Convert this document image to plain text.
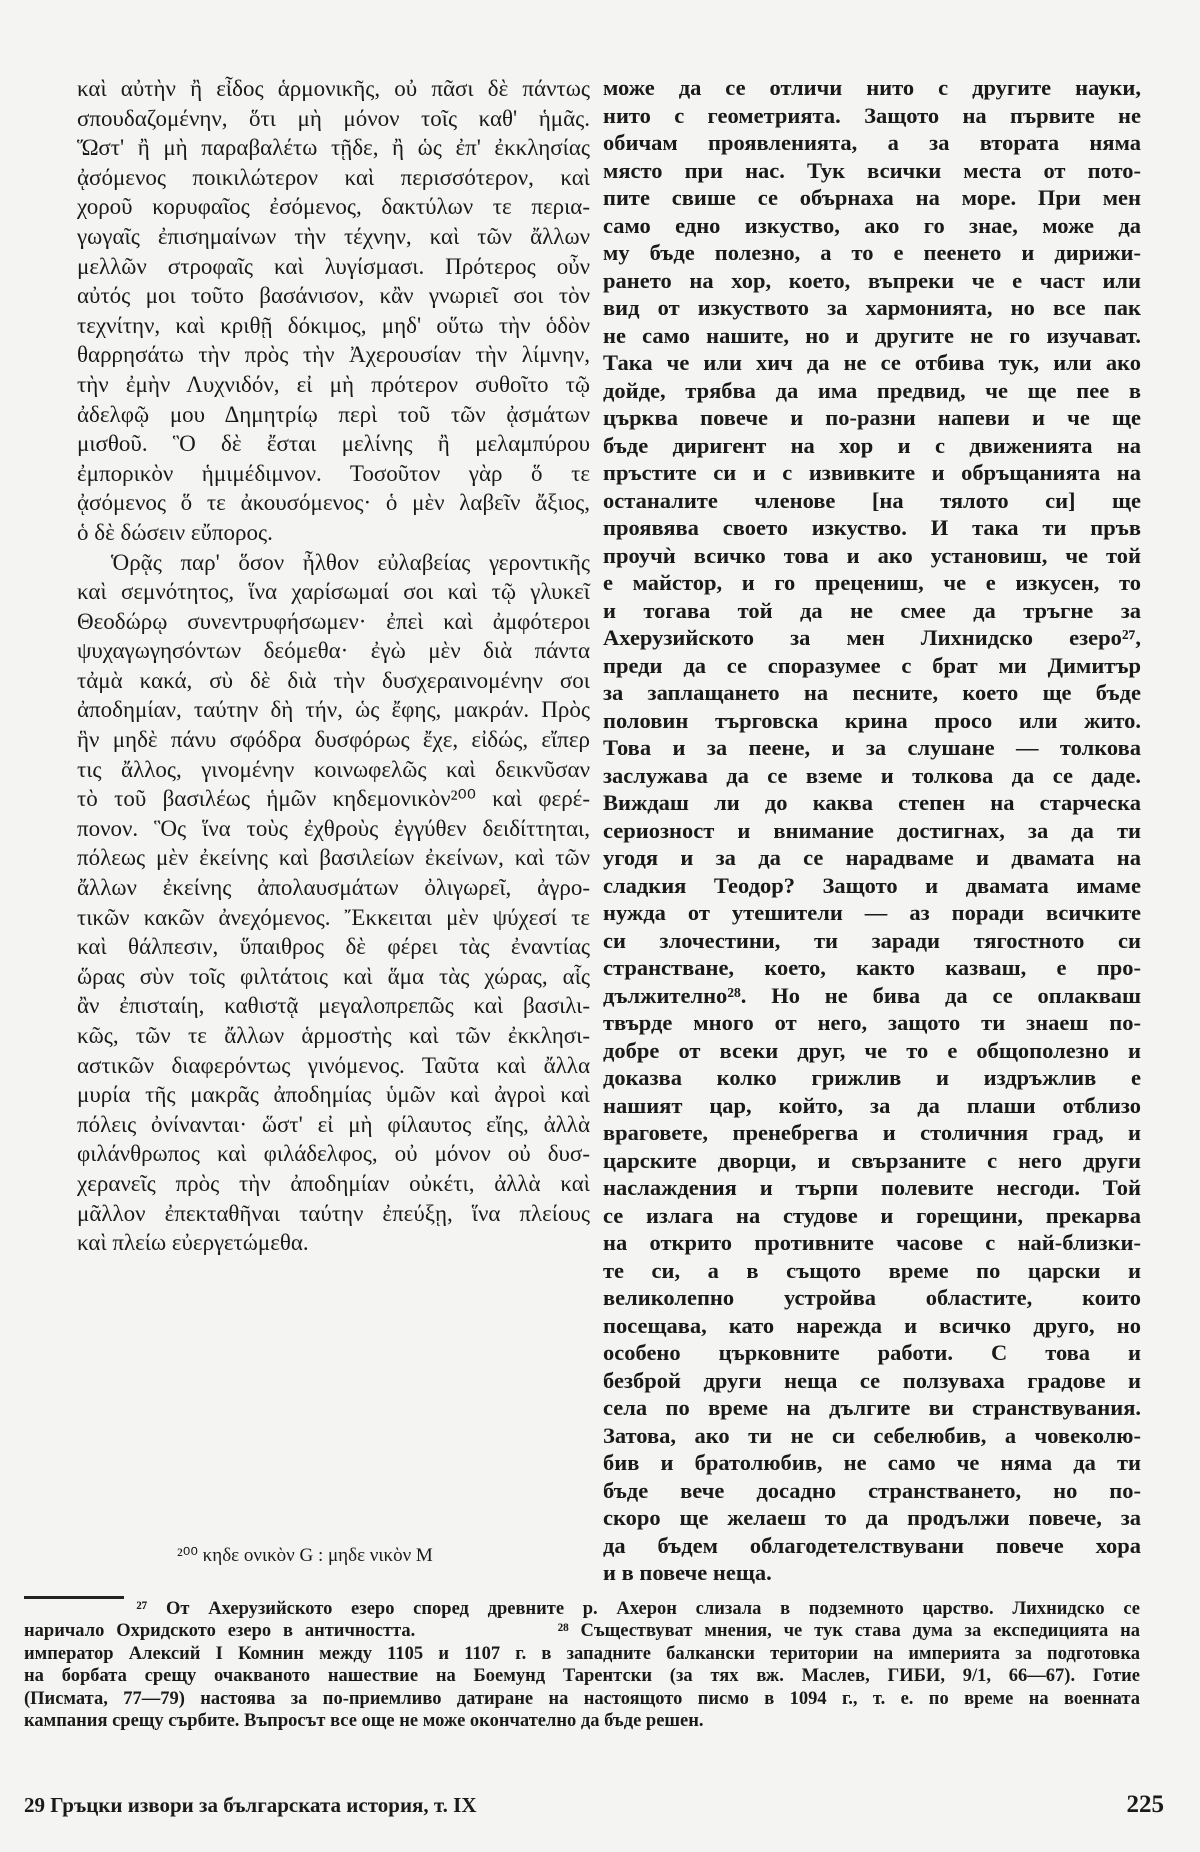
καὶ αὐτὴν ἢ εἶδος ἁρμονικῆς, οὐ πᾶσι δὲ πάντως
σπουδαζομένην, ὅτι μὴ μόνον τοῖς καθ' ἡμᾶς.
Ὥστ' ἢ μὴ παραβαλέτω τῇδε, ἢ ὡς ἐπ' ἐκκλησίας
ᾀσόμενος ποικιλώτερον καὶ περισσότερον, καὶ
χοροῦ κορυφαῖος ἐσόμενος, δακτύλων τε περια-
γωγαῖς ἐπισημαίνων τὴν τέχνην, καὶ τῶν ἄλλων
μελλῶν στροφαῖς καὶ λυγίσμασι. Πρότερος οὖν
αὐτός μοι τοῦτο βασάνισον, κἂν γνωριεῖ σοι τὸν
τεχνίτην, καὶ κριθῇ δόκιμος, μηδ' οὕτω τὴν ὁδὸν
θαρρησάτω τὴν πρὸς τὴν Ἀχερουσίαν τὴν λίμνην,
τὴν ἐμὴν Λυχνιδόν, εἰ μὴ πρότερον συθοῖτο τῷ
ἀδελφῷ μου Δημητρίῳ περὶ τοῦ τῶν ᾀσμάτων
μισθοῦ. Ὃ δὲ ἔσται μελίνης ἢ μελαμπύρου
ἐμπορικὸν ἡμιμέδιμνον. Τοσοῦτον γὰρ ὅ τε
ᾀσόμενος ὅ τε ἀκουσόμενος· ὁ μὲν λαβεῖν ἄξιος,
ὁ δὲ δώσειν εὔπορος.
Ὁρᾷς παρ' ὅσον ἦλθον εὐλαβείας γεροντικῆς
καὶ σεμνότητος, ἵνα χαρίσωμαί σοι καὶ τῷ γλυκεῖ
Θεοδώρῳ συνεντρυφήσωμεν· ἐπεὶ καὶ ἀμφότεροι
ψυχαγωγησόντων δεόμεθα· ἐγὼ μὲν διὰ πάντα
τἀμὰ κακά, σὺ δὲ διὰ τὴν δυσχεραινομένην σοι
ἀποδημίαν, ταύτην δὴ τήν, ὡς ἔφης, μακράν. Πρὸς
ἣν μηδὲ πάνυ σφόδρα δυσφόρως ἔχε, εἰδώς, εἴπερ
τις ἄλλος, γινομένην κοινωφελῶς καὶ δεικνῦσαν
τὸ τοῦ βασιλέως ἡμῶν κηδεμονικὸν²⁰⁰ καὶ φερέ-
πονον. Ὃς ἵνα τοὺς ἐχθροὺς ἐγγύθεν δειδίττηται,
πόλεως μὲν ἐκείνης καὶ βασιλείων ἐκείνων, καὶ τῶν
ἄλλων ἐκείνης ἀπολαυσμάτων ὀλιγωρεῖ, ἀγρο-
τικῶν κακῶν ἀνεχόμενος. Ἔκκειται μὲν ψύχεσί τε
καὶ θάλπεσιν, ὕπαιθρος δὲ φέρει τὰς ἐναντίας
ὥρας σὺν τοῖς φιλτάτοις καὶ ἅμα τὰς χώρας, αἷς
ἂν ἐπισταίη, καθιστᾷ μεγαλοπρεπῶς καὶ βασιλι-
κῶς, τῶν τε ἄλλων ἁρμοστὴς καὶ τῶν ἐκκλησι-
αστικῶν διαφερόντως γινόμενος. Ταῦτα καὶ ἄλλα
μυρία τῆς μακρᾶς ἀποδημίας ὑμῶν καὶ ἀγροὶ καὶ
πόλεις ὀνίνανται· ὥστ' εἰ μὴ φίλαυτος εἴης, ἀλλὰ
φιλάνθρωπος καὶ φιλάδελφος, οὐ μόνον οὐ δυσ-
χερανεῖς πρὸς τὴν ἀποδημίαν οὐκέτι, ἀλλὰ καὶ
μᾶλλον ἐπεκταθῆναι ταύτην ἐπεύξῃ, ἵνα πλείους
καὶ πλείω εὐεργετώμεθα.
може да се отличи нито с другите науки,
нито с геометрията. Защото на първите не
обичам проявленията, а за втората няма
място при нас. Тук всички места от пото-
пите свише се обърнаха на море. При мен
само едно изкуство, ако го знае, може да
му бъде полезно, а то е пеенето и дирижи-
рането на хор, което, въпреки че е част или
вид от изкуството за хармонията, но все пак
не само нашите, но и другите не го изучават.
Така че или хич да не се отбива тук, или ако
дойде, трябва да има предвид, че ще пее в
църква повече и по-разни напеви и че ще
бъде диригент на хор и с движенията на
пръстите си и с извивките и обръщанията на
останалите членове [на тялото си] ще
проявява своето изкуство. И така ти пръв
проучѝ всичко това и ако установиш, че той
е майстор, и го прецениш, че е изкусен, то
и тогава той да не смее да тръгне за
Ахерузийското за мен Лихнидско езеро²⁷,
преди да се споразумее с брат ми Димитър
за заплащането на песните, което ще бъде
половин търговска крина просо или жито.
Това и за пеене, и за слушане — толкова
заслужава да се вземе и толкова да се даде.
Виждаш ли до каква степен на старческа
сериозност и внимание достигнах, за да ти
угодя и за да се нарадваме и двамата на
сладкия Теодор? Защото и двамата имаме
нужда от утешители — аз поради всичките
си злочестини, ти заради тягостното си
странстване, което, както казваш, е про-
дължително²⁸. Но не бива да се оплакваш
твърде много от него, защото ти знаеш по-
добре от всеки друг, че то е общополезно и
доказва колко грижлив и издръжлив е
нашият цар, който, за да плаши отблизо
враговете, пренебрегва и столичния град, и
царските дворци, и свързаните с него други
наслаждения и търпи полевите несгоди. Той
се излага на студове и горещини, прекарва
на открито противните часове с най-близки-
те си, а в същото време по царски и
великолепно устройва областите, които
посещава, като нарежда и всичко друго, но
особено църковните работи. С това и
безброй други неща се ползуваха градове и
села по време на дългите ви странствувания.
Затова, ако ти не си себелюбив, а човеколю-
бив и братолюбив, не само че няма да ти
бъде вече досадно странстването, но по-
скоро ще желаеш то да продължи повече, за
да бъдем облагодетелствувани повече хора
и в повече неща.
²⁰⁰ κηδε ονικὸν G : μηδε νικὸν M
²⁷ От Ахерузийското езеро според древните р. Ахерон слизала в подземното царство. Лихнидско се
наричало Охридското езеро в античността.            ²⁸ Съществуват мнения, че тук става дума за експедицията на
император Алексий I Комнин между 1105 и 1107 г. в западните балкански територии на империята за подготовка
на борбата срещу очакваното нашествие на Боемунд Тарентски (за тях вж. Маслев, ГИБИ, 9/1, 66—67). Готие
(Писмата, 77—79) настоява за по-приемливо датиране на настоящото писмо в 1094 г., т. е. по време на военната
кампания срещу сърбите. Въпросът все още не може окончателно да бъде решен.
29 Гръцки извори за българската история, т. IX	225
